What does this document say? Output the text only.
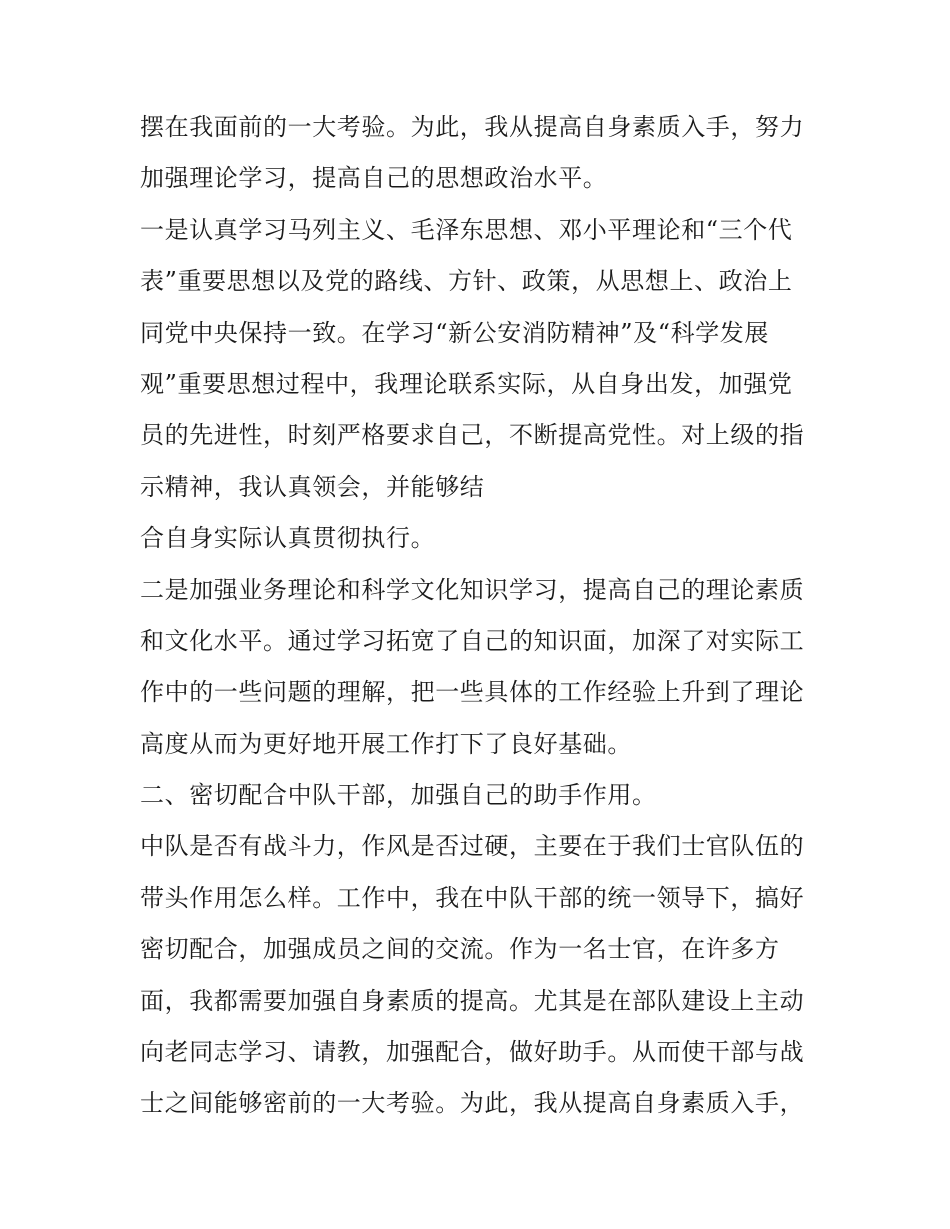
摆在我面前的一大考验。为此，我从提高自身素质入手，努力
加强理论学习，提高自己的思想政治水平。
一是认真学习马列主义、毛泽东思想、邓小平理论和“三个代
表”重要思想以及党的路线、方针、政策，从思想上、政治上
同党中央保持一致。在学习“新公安消防精神”及“科学发展
观”重要思想过程中，我理论联系实际，从自身出发，加强党
员的先进性，时刻严格要求自己，不断提高党性。对上级的指
示精神，我认真领会，并能够结
合自身实际认真贯彻执行。
二是加强业务理论和科学文化知识学习，提高自己的理论素质
和文化水平。通过学习拓宽了自己的知识面，加深了对实际工
作中的一些问题的理解，把一些具体的工作经验上升到了理论
高度从而为更好地开展工作打下了良好基础。
二、密切配合中队干部，加强自己的助手作用。
中队是否有战斗力，作风是否过硬，主要在于我们士官队伍的
带头作用怎么样。工作中，我在中队干部的统一领导下，搞好
密切配合，加强成员之间的交流。作为一名士官，在许多方
面，我都需要加强自身素质的提高。尤其是在部队建设上主动
向老同志学习、请教，加强配合，做好助手。从而使干部与战
士之间能够密前的一大考验。为此，我从提高自身素质入手，
